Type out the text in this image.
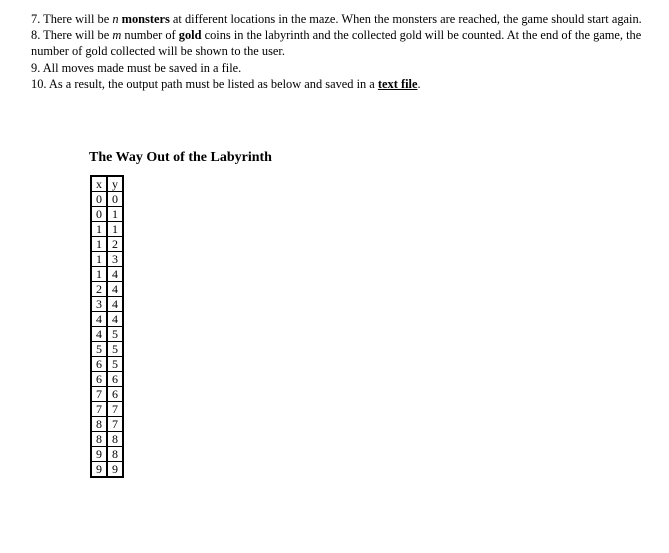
7. There will be n monsters at different locations in the maze. When the monsters are reached, the game should start again.

8. There will be m number of gold coins in the labyrinth and the collected gold will be counted. At the end of the game, the number of gold collected will be shown to the user.

9. All moves made must be saved in a file.

10. As a result, the output path must be listed as below and saved in a text file.

The Way Out of the Labyrinth

x	y
0	0
0	1
1	1
1	2
1	3
1	4
2	4
3	4
4	4
4	5
5	5
6	5
6	6
7	6
7	7
8	7
8	8
9	8
9	9
